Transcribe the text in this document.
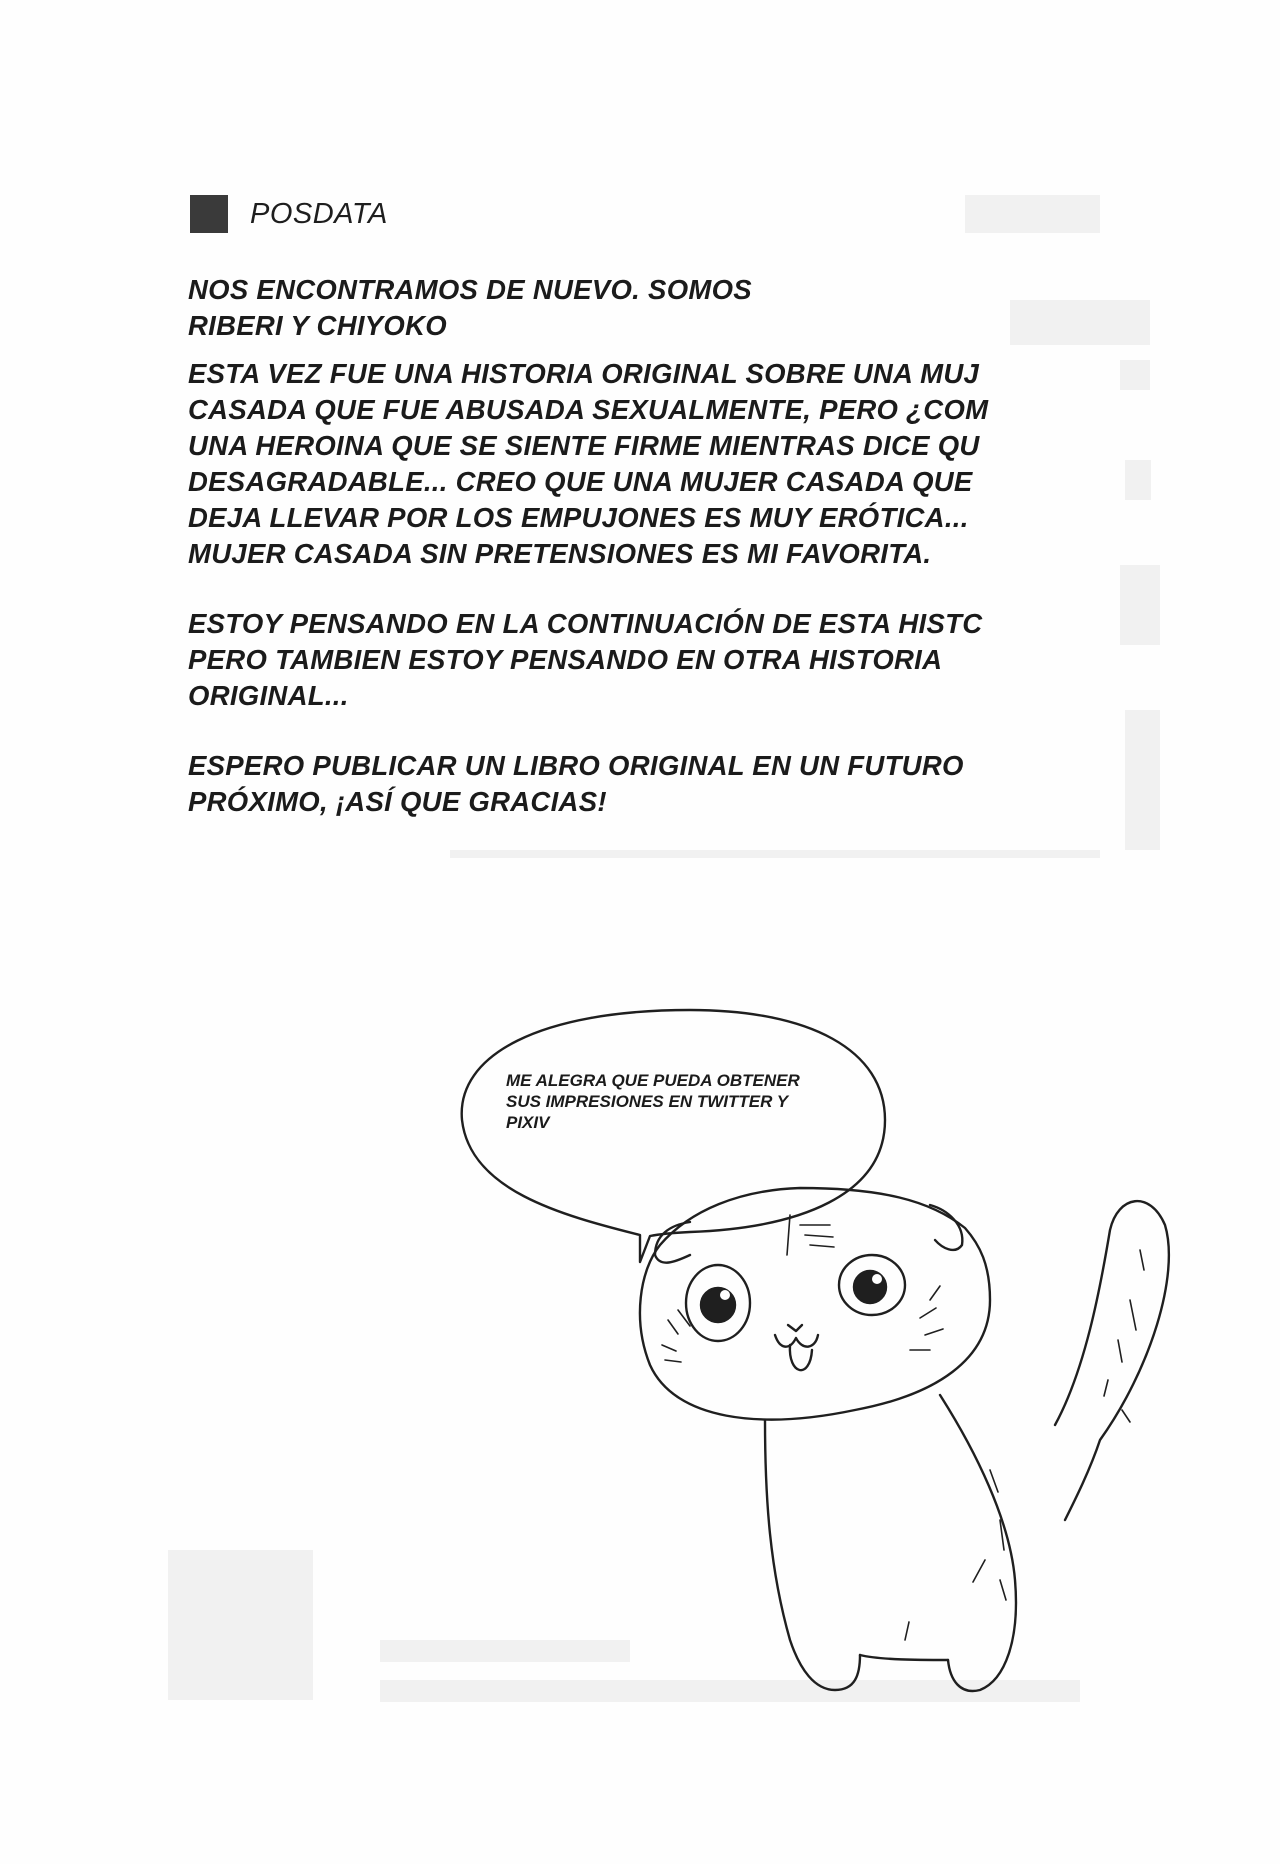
POSDATA

NOS ENCONTRAMOS DE NUEVO. SOMOS
RIBERI Y CHIYOKO

ESTA VEZ FUE UNA HISTORIA ORIGINAL SOBRE UNA MUJ
CASADA QUE FUE ABUSADA SEXUALMENTE, PERO ¿COM
UNA HEROINA QUE SE SIENTE FIRME MIENTRAS DICE QU
DESAGRADABLE... CREO QUE UNA MUJER CASADA QUE
DEJA LLEVAR POR LOS EMPUJONES ES MUY ERÓTICA...
MUJER CASADA SIN PRETENSIONES ES MI FAVORITA.

ESTOY PENSANDO EN LA CONTINUACIÓN DE ESTA HISTC
PERO TAMBIEN ESTOY PENSANDO EN OTRA HISTORIA
ORIGINAL...

ESPERO PUBLICAR UN LIBRO ORIGINAL EN UN FUTURO
PRÓXIMO, ¡ASÍ QUE GRACIAS!

ME ALEGRA QUE PUEDA OBTENER
SUS IMPRESIONES EN TWITTER Y
PIXIV
